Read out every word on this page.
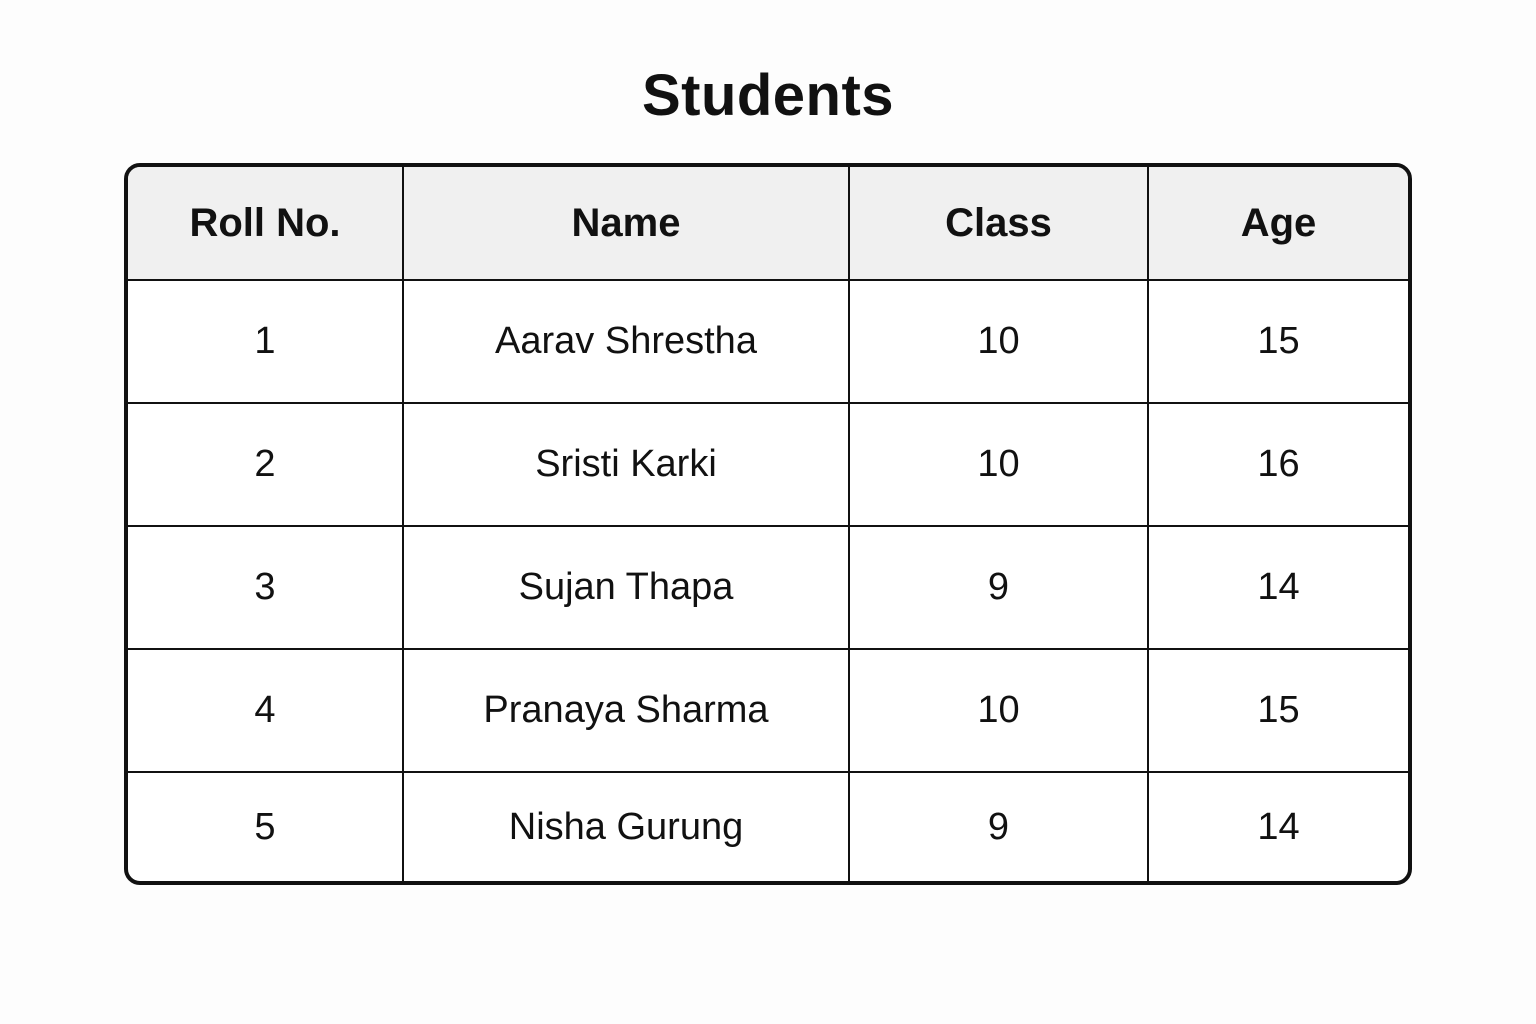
Students
Roll No.	Name	Class	Age
1	Aarav Shrestha	10	15
2	Sristi Karki	10	16
3	Sujan Thapa	9	14
4	Pranaya Sharma	10	15
5	Nisha Gurung	9	14
